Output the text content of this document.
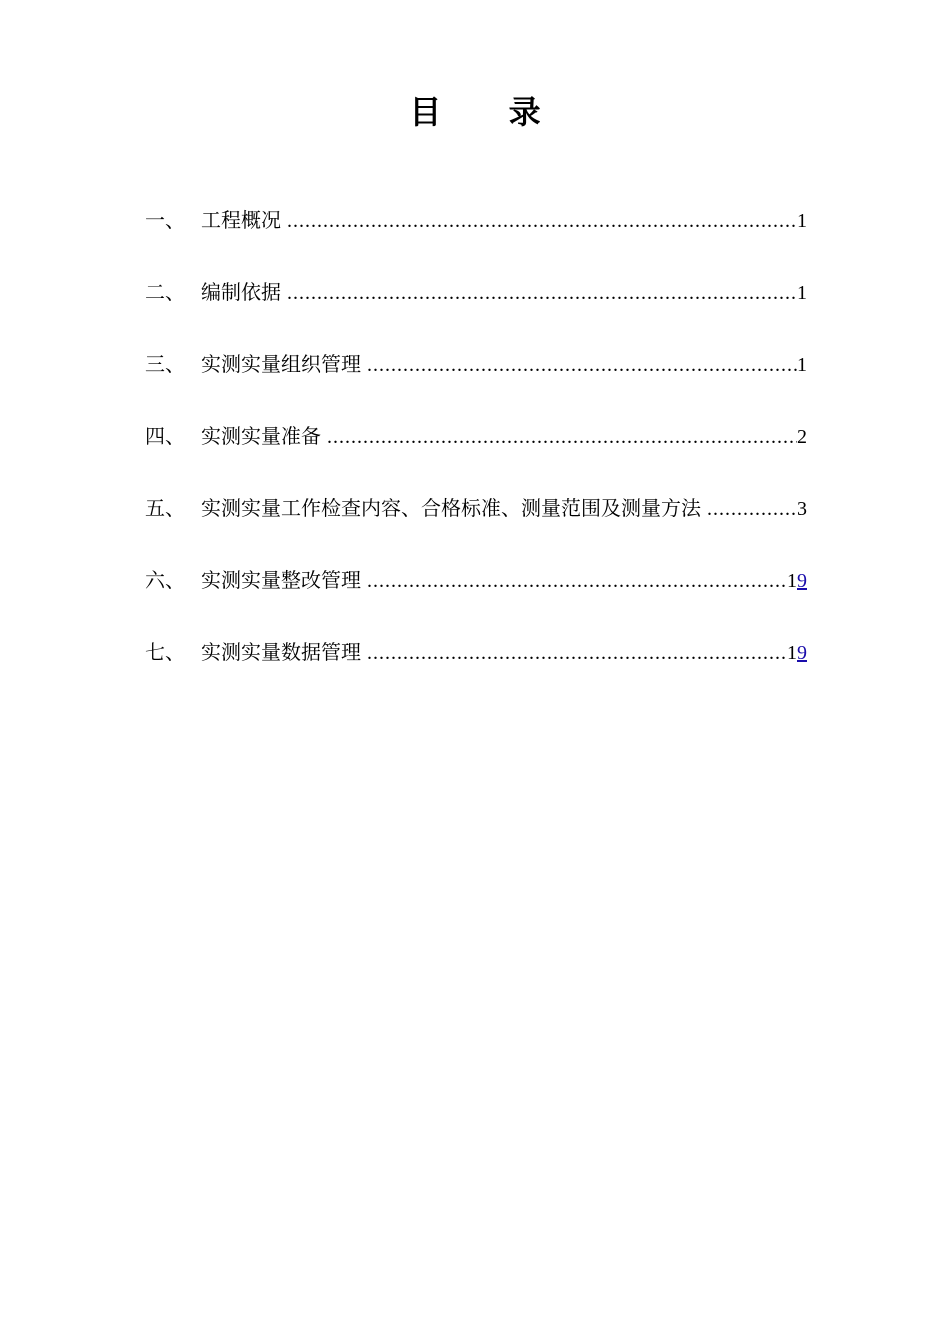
目 录
一、 工程概况 .....	1
二、 编制依据 .....	1
三、 实测实量组织管理 .....	1
四、 实测实量准备 .....	2
五、 实测实量工作检查内容、合格标准、测量范围及测量方法 .....	3
六、 实测实量整改管理 .....	19
七、 实测实量数据管理 .....	19
